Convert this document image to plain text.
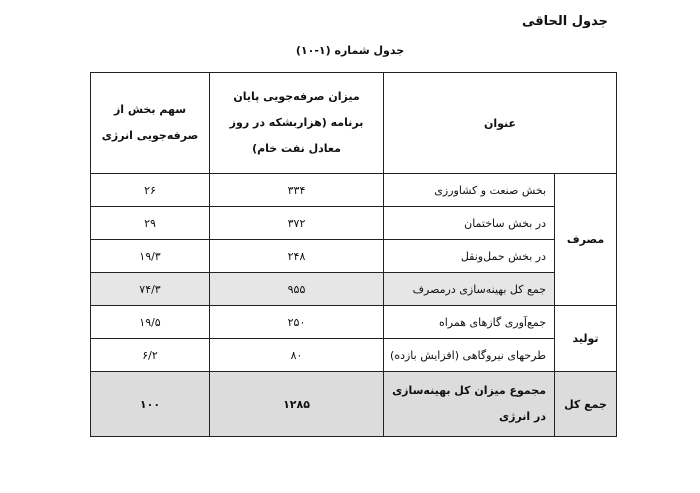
جدول الحاقی
جدول شماره (۱-۱۰)
عنوان		میزان صرفه‌جویی پایان برنامه (هزاربشکه در روز معادل نفت خام)	سهم بخش از صرفه‌جویی انرژی
مصرف	بخش صنعت و کشاورزی	۳۳۴	۲۶
	در بخش ساختمان	۳۷۲	۲۹
	در بخش حمل‌ونقل	۲۴۸	۱۹/۳
	جمع کل بهینه‌سازی درمصرف	۹۵۵	۷۴/۳
تولید	جمع‌آوری گازهای همراه	۲۵۰	۱۹/۵
	طرحهای نیروگاهی (افزایش بازده)	۸۰	۶/۲
جمع کل	مجموع میزان کل بهینه‌سازی در انرژی	۱۲۸۵	۱۰۰
